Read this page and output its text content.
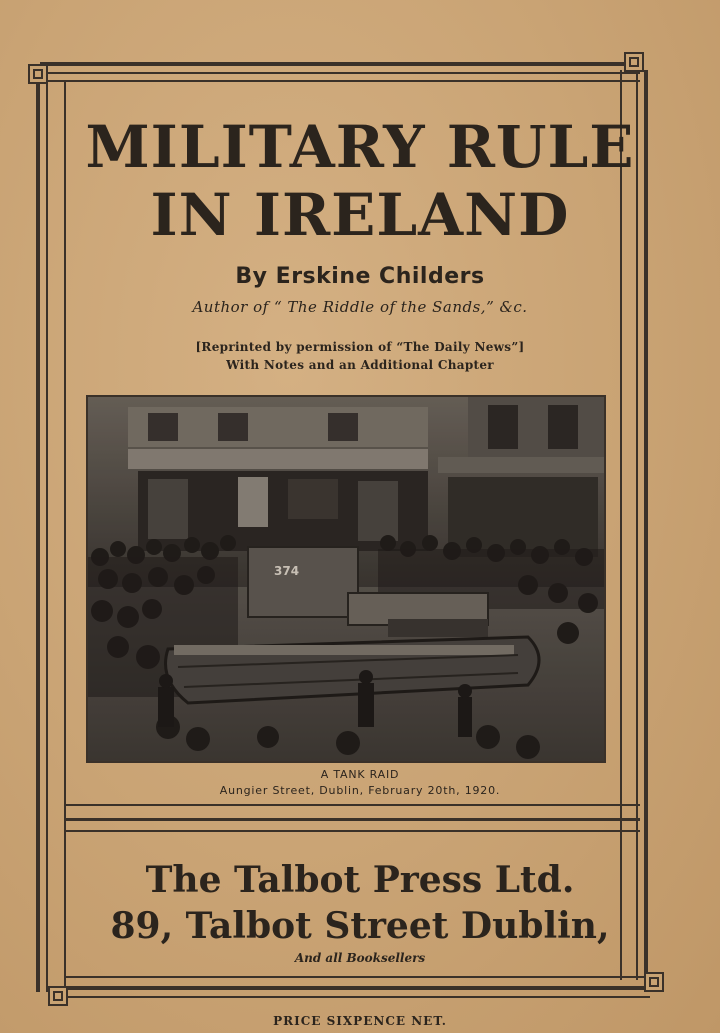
MILITARY RULE
IN IRELAND
By Erskine Childers
Author of “ The Riddle of the Sands,” &c.
[Reprinted by permission of “The Daily News”]
With Notes and an Additional Chapter
374
A TANK RAID
Aungier Street, Dublin, February 20th, 1920.
The Talbot Press Ltd.
89, Talbot Street Dublin,
And all Booksellers
PRICE SIXPENCE NET.
